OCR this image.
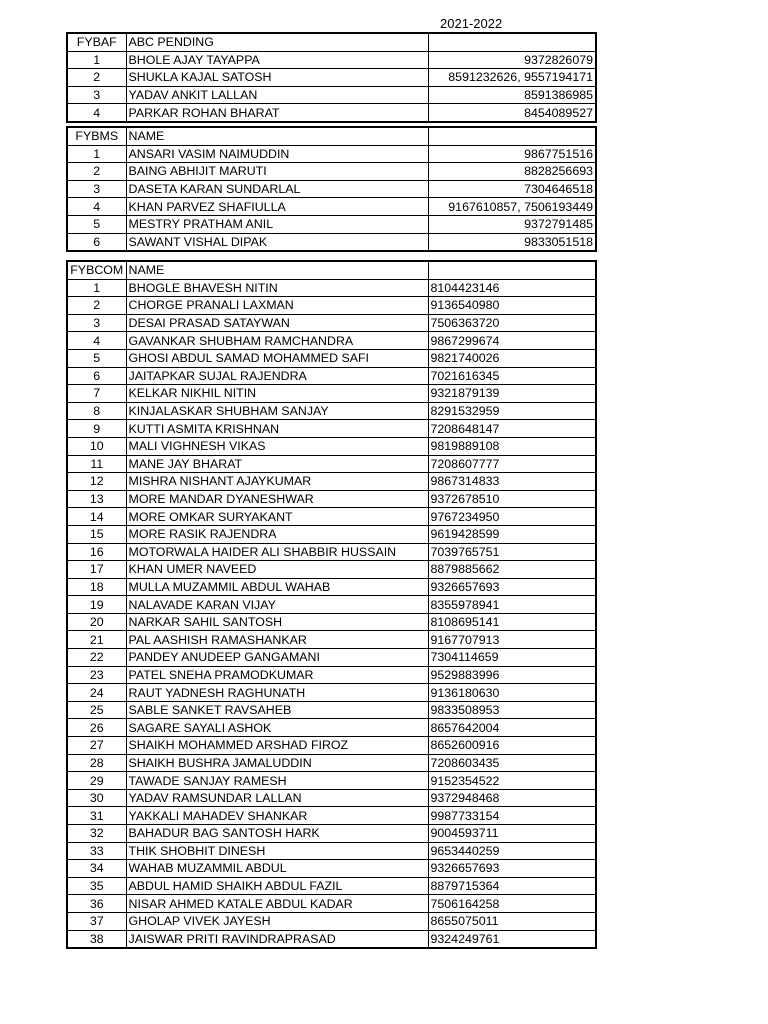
2021-2022
FYBAF	ABC PENDING	
1	BHOLE AJAY TAYAPPA	9372826079
2	SHUKLA KAJAL SATOSH	8591232626, 9557194171
3	YADAV ANKIT LALLAN	8591386985
4	PARKAR ROHAN BHARAT	8454089527
FYBMS	NAME	
1	ANSARI VASIM NAIMUDDIN	9867751516
2	BAING ABHIJIT MARUTI	8828256693
3	DASETA KARAN SUNDARLAL	7304646518
4	KHAN PARVEZ SHAFIULLA	9167610857, 7506193449
5	MESTRY PRATHAM ANIL	9372791485
6	SAWANT VISHAL DIPAK	9833051518
FYBCOM	NAME	
1	BHOGLE BHAVESH NITIN	8104423146
2	CHORGE PRANALI LAXMAN	9136540980
3	DESAI PRASAD SATAYWAN	7506363720
4	GAVANKAR SHUBHAM RAMCHANDRA	9867299674
5	GHOSI ABDUL SAMAD MOHAMMED SAFI	9821740026
6	JAITAPKAR SUJAL RAJENDRA	7021616345
7	KELKAR NIKHIL NITIN	9321879139
8	KINJALASKAR SHUBHAM SANJAY	8291532959
9	KUTTI ASMITA KRISHNAN	7208648147
10	MALI VIGHNESH VIKAS	9819889108
11	MANE JAY BHARAT	7208607777
12	MISHRA NISHANT AJAYKUMAR	9867314833
13	MORE MANDAR DYANESHWAR	9372678510
14	MORE OMKAR SURYAKANT	9767234950
15	MORE RASIK RAJENDRA	9619428599
16	MOTORWALA HAIDER ALI SHABBIR HUSSAIN	7039765751
17	KHAN UMER NAVEED	8879885662
18	MULLA MUZAMMIL ABDUL WAHAB	9326657693
19	NALAVADE KARAN VIJAY	8355978941
20	NARKAR SAHIL SANTOSH	8108695141
21	PAL AASHISH RAMASHANKAR	9167707913
22	PANDEY ANUDEEP GANGAMANI	7304114659
23	PATEL SNEHA PRAMODKUMAR	9529883996
24	RAUT YADNESH RAGHUNATH	9136180630
25	SABLE SANKET RAVSAHEB	9833508953
26	SAGARE SAYALI ASHOK	8657642004
27	SHAIKH MOHAMMED ARSHAD FIROZ	8652600916
28	SHAIKH BUSHRA JAMALUDDIN	7208603435
29	TAWADE SANJAY RAMESH	9152354522
30	YADAV RAMSUNDAR LALLAN	9372948468
31	YAKKALI MAHADEV SHANKAR	9987733154
32	BAHADUR BAG SANTOSH HARK	9004593711
33	THIK SHOBHIT DINESH	9653440259
34	WAHAB MUZAMMIL ABDUL	9326657693
35	ABDUL HAMID SHAIKH ABDUL FAZIL	8879715364
36	NISAR AHMED KATALE ABDUL KADAR	7506164258
37	GHOLAP VIVEK JAYESH	8655075011
38	JAISWAR PRITI RAVINDRAPRASAD	9324249761
